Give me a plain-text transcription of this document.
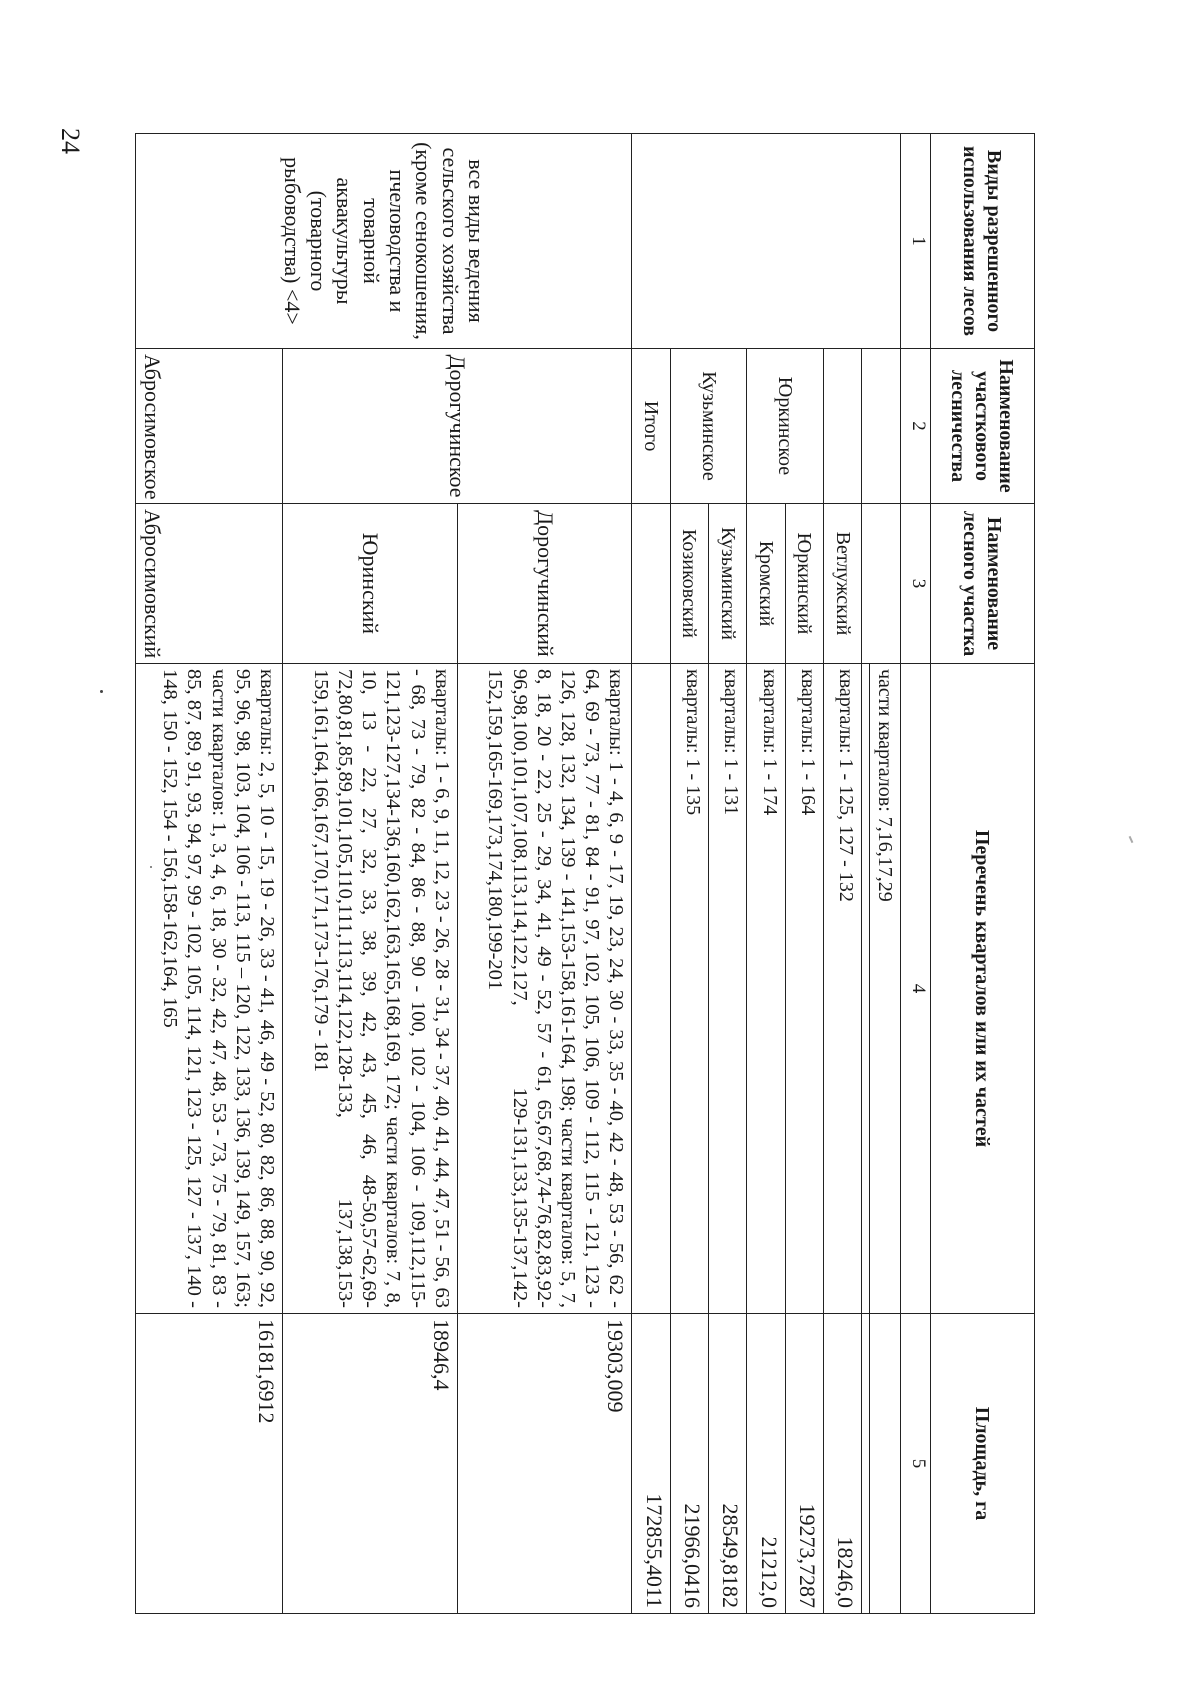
24
Виды разрешенного использования лесов	Наименование участкового лесничества	Наименование лесного участка	Перечень кварталов или их частей	Площадь, га
1	2	3	4	5
			части кварталов: 7,16,17,29	

		Ветлужский	кварталы: 1 - 125, 127 - 132	18246,0
	Юркинское	Юркинский	кварталы: 1 - 164	19273,7287
		Кромский	кварталы: 1 - 174	21212,0
	Кузьминское	Кузьминский	кварталы: 1 - 131	28549,8182
		Козиковский	кварталы: 1 - 135	21966,0416
	Итого			172855,4011
все виды ведения сельского хозяйства (кроме сенокошения, пчеловодства и товарной аквакультуры (товарного рыбоводства) <4>	Дорогучинское	Дорогучинский	кварталы: 1 - 4, 6, 9 - 17, 19, 23, 24, 30 - 33, 35 - 40, 42 - 48, 53 - 56, 62 - 64, 69 - 73, 77 - 81, 84 - 91, 97, 102, 105, 106, 109 - 112, 115 - 121, 123 - 126, 128, 132, 134, 139 - 141,153-158,161-164, 198; части кварталов: 5, 7, 8, 18, 20 - 22, 25 - 29, 34, 41, 49 - 52, 57 - 61, 65,67,68,74-76,82,83,92-96,98,100,101,107,108,113,114,122,127, 129-131,133,135-137,142-152,159,165-169,173,174,180,199-201	19303,009
		Юринский	кварталы: 1 - 6, 9, 11, 12, 23 - 26, 28 - 31, 34 - 37, 40, 41, 44, 47, 51 - 56, 63 - 68, 73 - 79, 82 - 84, 86 - 88, 90 - 100, 102 - 104, 106 - 109,112,115-121,123-127,134-136,160,162,163,165,168,169, 172; части кварталов: 7, 8, 10, 13 - 22, 27, 32, 33, 38, 39, 42, 43, 45, 46, 48-50,57-62,69-72,80,81,85,89,101,105,110,111,113,114,122,128-133, 137,138,153-159,161,164,166,167,170,171,173-176,179 - 181	18946,4
	Абросимовское	Абросимовский	кварталы: 2, 5, 10 - 15, 19 - 26, 33 - 41, 46, 49 - 52, 80, 82, 86, 88, 90, 92, 95, 96, 98, 103, 104, 106 - 113, 115 – 120, 122, 133, 136, 139, 149, 157, 163; части кварталов: 1, 3, 4, 6, 18, 30 - 32, 42, 47, 48, 53 - 73, 75 - 79, 81, 83 - 85, 87, 89, 91, 93, 94, 97, 99 - 102, 105, 114, 121, 123 - 125, 127 - 137, 140 - 148, 150 - 152, 154 - 156,158-162,164, 165	16181,6912
